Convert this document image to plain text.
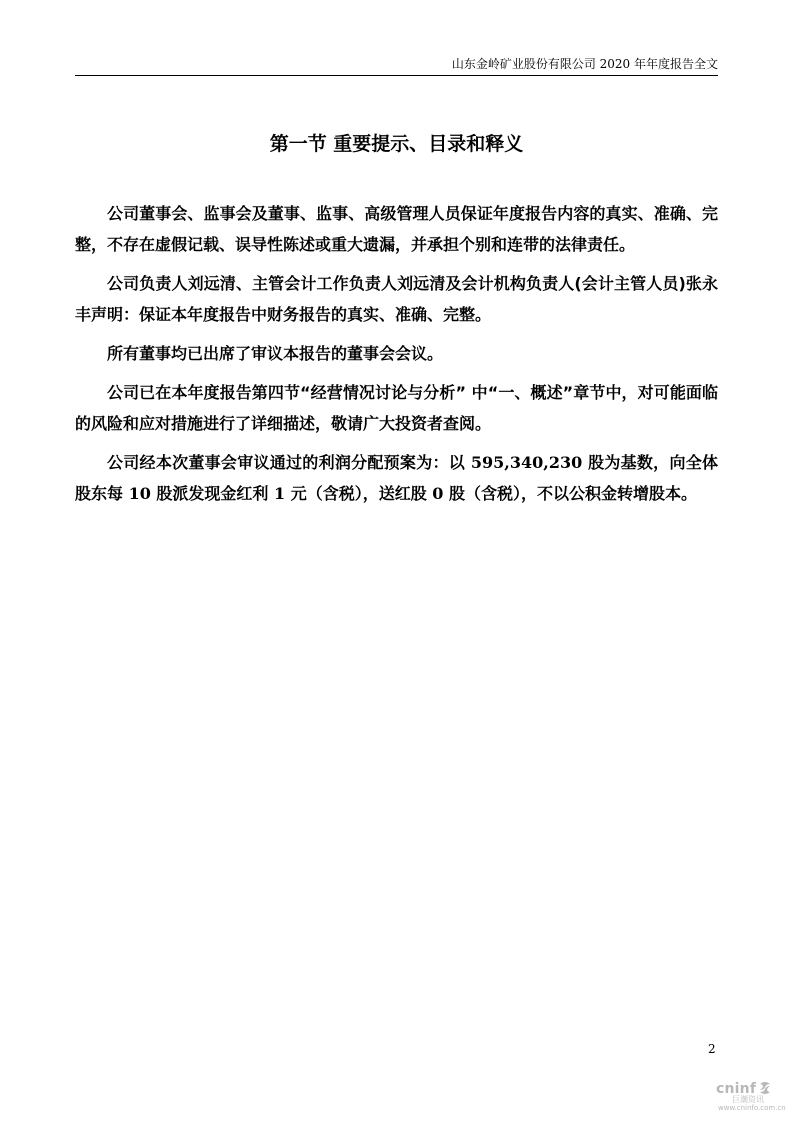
山东金岭矿业股份有限公司 2020 年年度报告全文
第一节 重要提示、目录和释义

公司董事会、监事会及董事、监事、高级管理人员保证年度报告内容的真实、准确、完整，不存在虚假记载、误导性陈述或重大遗漏，并承担个别和连带的法律责任。

公司负责人刘远清、主管会计工作负责人刘远清及会计机构负责人(会计主管人员)张永丰声明：保证本年度报告中财务报告的真实、准确、完整。

所有董事均已出席了审议本报告的董事会会议。

公司已在本年度报告第四节“经营情况讨论与分析” 中“一、概述”章节中，对可能面临的风险和应对措施进行了详细描述，敬请广大投资者查阅。

公司经本次董事会审议通过的利润分配预案为：以 595,340,230 股为基数，向全体股东每 10 股派发现金红利 1 元（含税），送红股 0 股（含税），不以公积金转增股本。

2
cninf
巨潮资讯
www.cninfo.com.cn
